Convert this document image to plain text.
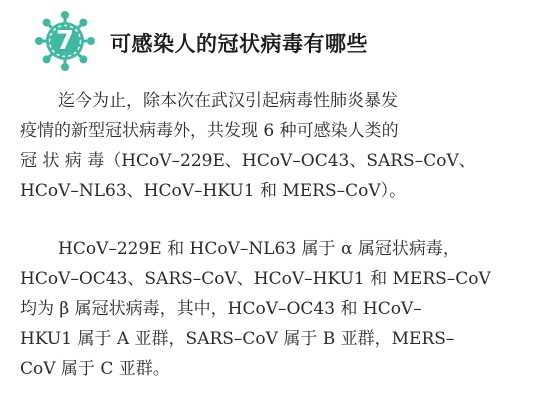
7	可感染人的冠状病毒有哪些
迄今为止，除本次在武汉引起病毒性肺炎暴发
疫情的新型冠状病毒外，共发现 6 种可感染人类的
冠 状 病 毒（HCoV–229E、HCoV–OC43、SARS–CoV、
HCoV–NL63、HCoV–HKU1 和 MERS–CoV）。
HCoV–229E 和 HCoV–NL63 属于 α 属冠状病毒，
HCoV–OC43、SARS–CoV、HCoV–HKU1 和 MERS–CoV
均为 β 属冠状病毒，其中，HCoV–OC43 和 HCoV–
HKU1 属于 A 亚群，SARS–CoV 属于 B 亚群，MERS–
CoV 属于 C 亚群。
